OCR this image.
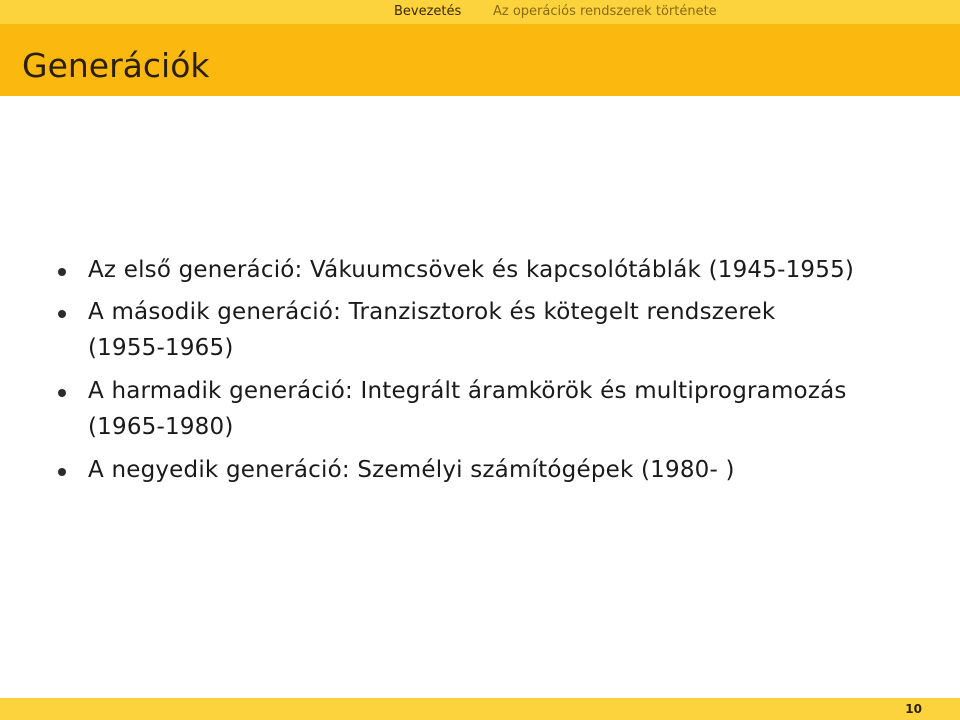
Bevezetés Az operációs rendszerek története
Generációk
Az első generáció: Vákuumcsövek és kapcsolótáblák (1945-1955)
A második generáció: Tranzisztorok és kötegelt rendszerek
(1955-1965)
A harmadik generáció: Integrált áramkörök és multiprogramozás
(1965-1980)
A negyedik generáció: Személyi számítógépek (1980- )
10
